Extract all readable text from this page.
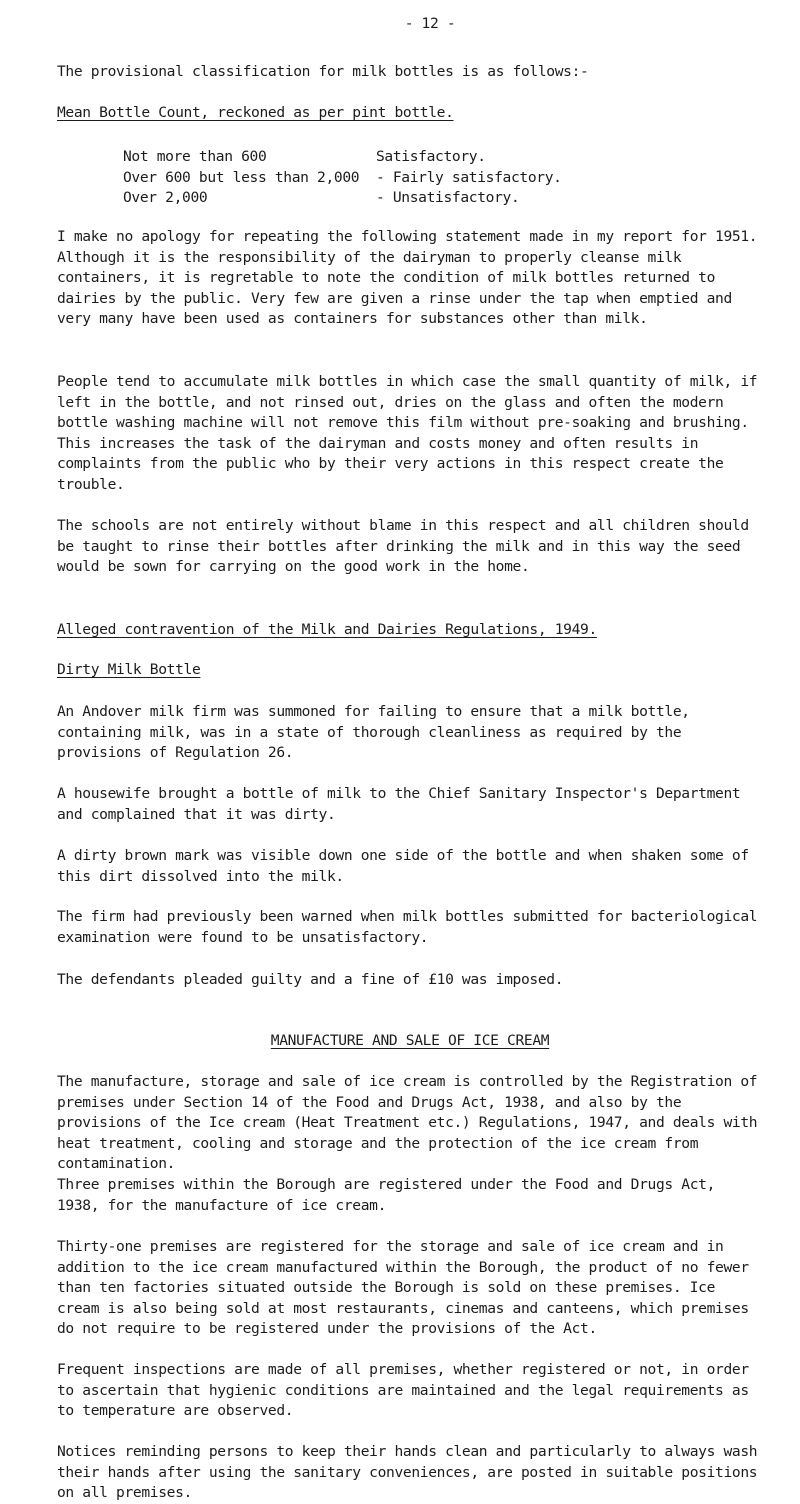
- 12 -

The provisional classification for milk bottles is as follows:-

Mean Bottle Count, reckoned as per pint bottle.

Not more than 600	Satisfactory.
Over 600 but less than 2,000	- Fairly satisfactory.
Over 2,000	- Unsatisfactory.

I make no apology for repeating the following statement made in my report for 1951. Although it is the responsibility of the dairyman to properly cleanse milk containers, it is regretable to note the condition of milk bottles returned to dairies by the public. Very few are given a rinse under the tap when emptied and very many have been used as containers for substances other than milk.

People tend to accumulate milk bottles in which case the small quantity of milk, if left in the bottle, and not rinsed out, dries on the glass and often the modern bottle washing machine will not remove this film without pre-soaking and brushing. This increases the task of the dairyman and costs money and often results in complaints from the public who by their very actions in this respect create the trouble.

The schools are not entirely without blame in this respect and all children should be taught to rinse their bottles after drinking the milk and in this way the seed would be sown for carrying on the good work in the home.

Alleged contravention of the Milk and Dairies Regulations, 1949.

Dirty Milk Bottle

An Andover milk firm was summoned for failing to ensure that a milk bottle, containing milk, was in a state of thorough cleanliness as required by the provisions of Regulation 26.

A housewife brought a bottle of milk to the Chief Sanitary Inspector's Department and complained that it was dirty.

A dirty brown mark was visible down one side of the bottle and when shaken some of this dirt dissolved into the milk.

The firm had previously been warned when milk bottles submitted for bacteriological examination were found to be unsatisfactory.

The defendants pleaded guilty and a fine of £10 was imposed.

MANUFACTURE AND SALE OF ICE CREAM

The manufacture, storage and sale of ice cream is controlled by the Registration of premises under Section 14 of the Food and Drugs Act, 1938, and also by the provisions of the Ice cream (Heat Treatment etc.) Regulations, 1947, and deals with heat treatment, cooling and storage and the protection of the ice cream from contamination.

Three premises within the Borough are registered under the Food and Drugs Act, 1938, for the manufacture of ice cream.

Thirty-one premises are registered for the storage and sale of ice cream and in addition to the ice cream manufactured within the Borough, the product of no fewer than ten factories situated outside the Borough is sold on these premises. Ice cream is also being sold at most restaurants, cinemas and canteens, which premises do not require to be registered under the provisions of the Act.

Frequent inspections are made of all premises, whether registered or not, in order to ascertain that hygienic conditions are maintained and the legal requirements as to temperature are observed.

Notices reminding persons to keep their hands clean and particularly to always wash their hands after using the sanitary conveniences, are posted in suitable positions on all premises.
